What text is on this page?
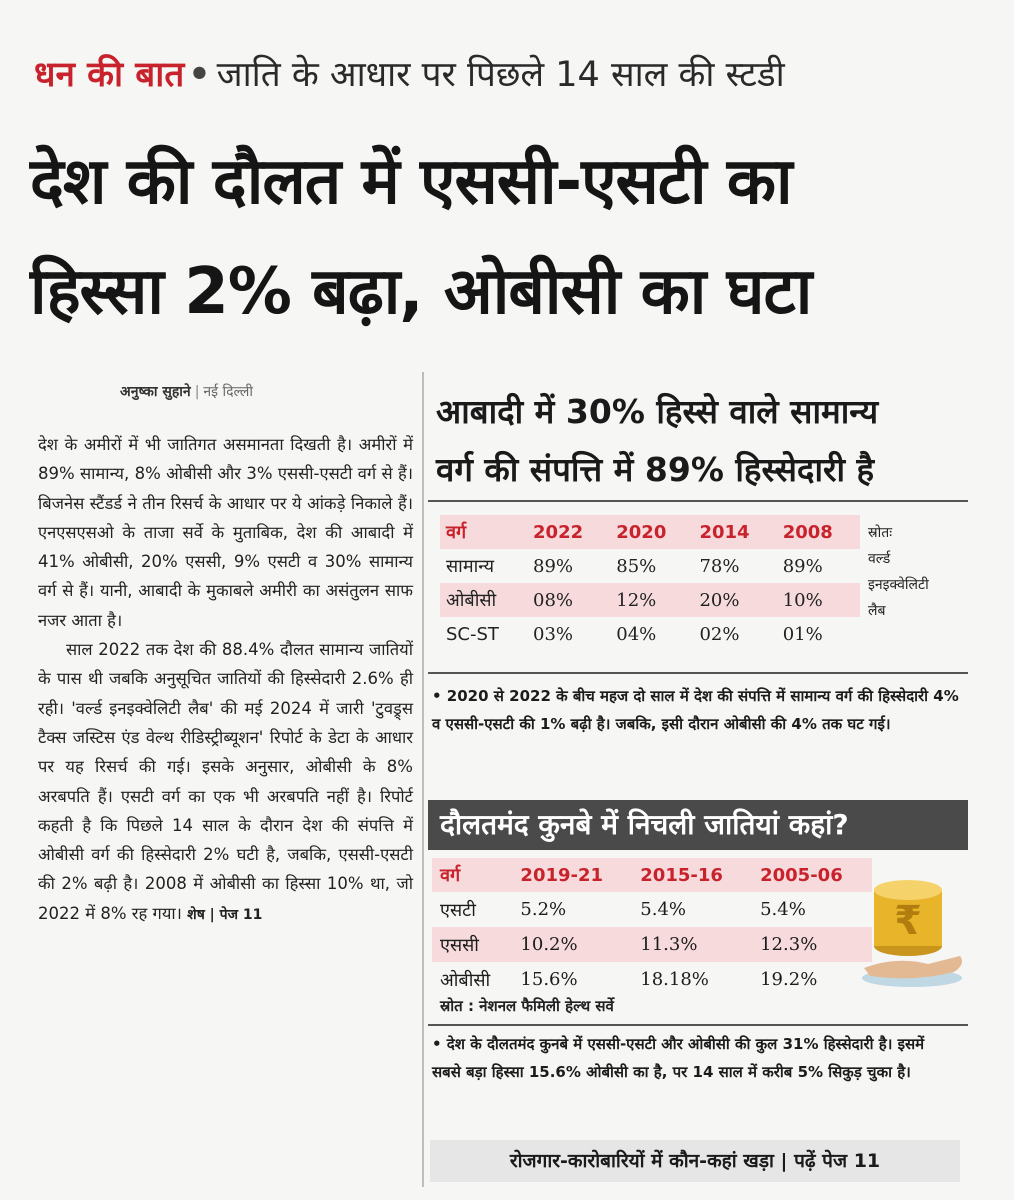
धन की बात • जाति के आधार पर पिछले 14 साल की स्टडी
देश की दौलत में एससी-एसटी का
हिस्सा 2% बढ़ा, ओबीसी का घटा
अनुष्का सुहाने | नई दिल्ली

देश के अमीरों में भी जातिगत असमानता दिखती है। अमीरों में 89% सामान्य, 8% ओबीसी और 3% एससी-एसटी वर्ग से हैं। बिजनेस स्टैंडर्ड ने तीन रिसर्च के आधार पर ये आंकड़े निकाले हैं। एनएसएसओ के ताजा सर्वे के मुताबिक, देश की आबादी में 41% ओबीसी, 20% एससी, 9% एसटी व 30% सामान्य वर्ग से हैं। यानी, आबादी के मुकाबले अमीरी का असंतुलन साफ नजर आता है।

साल 2022 तक देश की 88.4% दौलत सामान्य जातियों के पास थी जबकि अनुसूचित जातियों की हिस्सेदारी 2.6% ही रही। 'वर्ल्ड इनइक्वेलिटी लैब' की मई 2024 में जारी 'टुवड्र्स टैक्स जस्टिस एंड वेल्थ रीडिस्ट्रीब्यूशन' रिपोर्ट के डेटा के आधार पर यह रिसर्च की गई। इसके अनुसार, ओबीसी के 8% अरबपति हैं। एसटी वर्ग का एक भी अरबपति नहीं है। रिपोर्ट कहती है कि पिछले 14 साल के दौरान देश की संपत्ति में ओबीसी वर्ग की हिस्सेदारी 2% घटी है, जबकि, एससी-एसटी की 2% बढ़ी है। 2008 में ओबीसी का हिस्सा 10% था, जो 2022 में 8% रह गया। शेष | पेज 11

आबादी में 30% हिस्से वाले सामान्य
वर्ग की संपत्ति में 89% हिस्सेदारी है
वर्ग	2022	2020	2014	2008
सामान्य	89%	85%	78%	89%
ओबीसी	08%	12%	20%	10%
SC-ST	03%	04%	02%	01%
स्रोतः
वर्ल्ड
इनइक्वेलिटी
लैब
• 2020 से 2022 के बीच महज दो साल में देश की संपत्ति में सामान्य वर्ग की हिस्सेदारी 4% व एससी-एसटी की 1% बढ़ी है। जबकि, इसी दौरान ओबीसी की 4% तक घट गई।
दौलतमंद कुनबे में निचली जातियां कहां?
वर्ग	2019-21	2015-16	2005-06
एसटी	5.2%	5.4%	5.4%
एससी	10.2%	11.3%	12.3%
ओबीसी	15.6%	18.18%	19.2%
₹
स्रोत : नेशनल फैमिली हेल्थ सर्वे
• देश के दौलतमंद कुनबे में एससी-एसटी और ओबीसी की कुल 31% हिस्सेदारी है। इसमें सबसे बड़ा हिस्सा 15.6% ओबीसी का है, पर 14 साल में करीब 5% सिकुड़ चुका है।
रोजगार-कारोबारियों में कौन-कहां खड़ा | पढ़ें पेज 11
